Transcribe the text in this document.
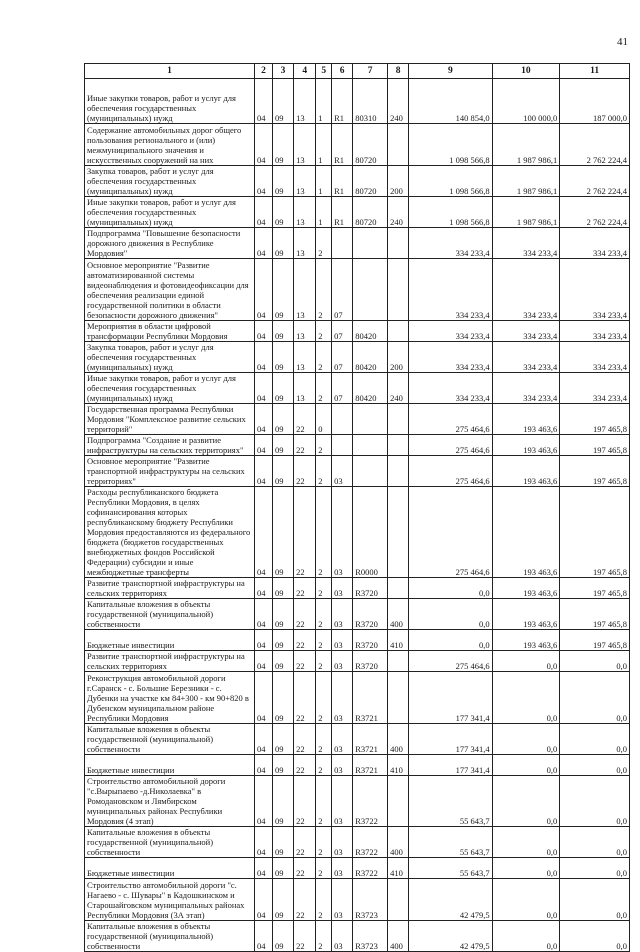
41
1	2	3	4	5	6	7	8	9	10	11
Иные закупки товаров, работ и услуг для обеспечения государственных (муниципальных) нужд	04	09	13	1	R1	80310	240	140 854,0	100 000,0	187 000,0
Содержание автомобильных дорог общего пользования регионального и (или) межмуниципального значения и искусственных сооружений на них	04	09	13	1	R1	80720		1 098 566,8	1 987 986,1	2 762 224,4
Закупка товаров, работ и услуг для обеспечения государственных (муниципальных) нужд	04	09	13	1	R1	80720	200	1 098 566,8	1 987 986,1	2 762 224,4
Иные закупки товаров, работ и услуг для обеспечения государственных (муниципальных) нужд	04	09	13	1	R1	80720	240	1 098 566,8	1 987 986,1	2 762 224,4
Подпрограмма "Повышение безопасности дорожного движения в Республике Мордовия"	04	09	13	2				334 233,4	334 233,4	334 233,4
Основное мероприятие "Развитие автоматизированной системы видеонаблюдения и фотовидеофиксации для обеспечения реализации единой государственной политики в области безопасности дорожного движения"	04	09	13	2	07			334 233,4	334 233,4	334 233,4
Мероприятия в области цифровой трансформации Республики Мордовия	04	09	13	2	07	80420		334 233,4	334 233,4	334 233,4
Закупка товаров, работ и услуг для обеспечения государственных (муниципальных) нужд	04	09	13	2	07	80420	200	334 233,4	334 233,4	334 233,4
Иные закупки товаров, работ и услуг для обеспечения государственных (муниципальных) нужд	04	09	13	2	07	80420	240	334 233,4	334 233,4	334 233,4
Государственная программа Республики Мордовия "Комплексное развитие сельских территорий"	04	09	22	0				275 464,6	193 463,6	197 465,8
Подпрограмма "Создание и развитие инфраструктуры на сельских территориях"	04	09	22	2				275 464,6	193 463,6	197 465,8
Основное мероприятие "Развитие транспортной инфраструктуры на сельских территориях"	04	09	22	2	03			275 464,6	193 463,6	197 465,8
Расходы республиканского бюджета Республики Мордовия, в целях софинансирования которых республиканскому бюджету Республики Мордовия предоставляются из федерального бюджета (бюджетов государственных внебюджетных фондов Российской Федерации) субсидии и иные межбюджетные трансферты	04	09	22	2	03	R0000		275 464,6	193 463,6	197 465,8
Развитие транспортной инфраструктуры на сельских территориях	04	09	22	2	03	R3720		0,0	193 463,6	197 465,8
Капитальные вложения в объекты государственной (муниципальной) собственности	04	09	22	2	03	R3720	400	0,0	193 463,6	197 465,8
Бюджетные инвестиции	04	09	22	2	03	R3720	410	0,0	193 463,6	197 465,8
Развитие транспортной инфраструктуры на сельских территориях	04	09	22	2	03	R3720		275 464,6	0,0	0,0
Реконструкция автомобильной дороги г.Саранск - с. Большие Березники - с. Дубенки на участке км 84+300 - км 90+820 в Дубенском муниципальном районе Республики Мордовия	04	09	22	2	03	R3721		177 341,4	0,0	0,0
Капитальные вложения в объекты государственной (муниципальной) собственности	04	09	22	2	03	R3721	400	177 341,4	0,0	0,0
Бюджетные инвестиции	04	09	22	2	03	R3721	410	177 341,4	0,0	0,0
Строительство автомобильной дороги "с.Вырыпаево -д.Николаевка" в Ромодановском и Лямбирском муниципальных районах Республики Мордовия (4 этап)	04	09	22	2	03	R3722		55 643,7	0,0	0,0
Капитальные вложения в объекты государственной (муниципальной) собственности	04	09	22	2	03	R3722	400	55 643,7	0,0	0,0
Бюджетные инвестиции	04	09	22	2	03	R3722	410	55 643,7	0,0	0,0
Строительство автомобильной дороги "с. Нагаево - с. Шувары" в Кадошкинском и Старошайговском муниципальных районах Республики Мордовия (3А этап)	04	09	22	2	03	R3723		42 479,5	0,0	0,0
Капитальные вложения в объекты государственной (муниципальной) собственности	04	09	22	2	03	R3723	400	42 479,5	0,0	0,0
